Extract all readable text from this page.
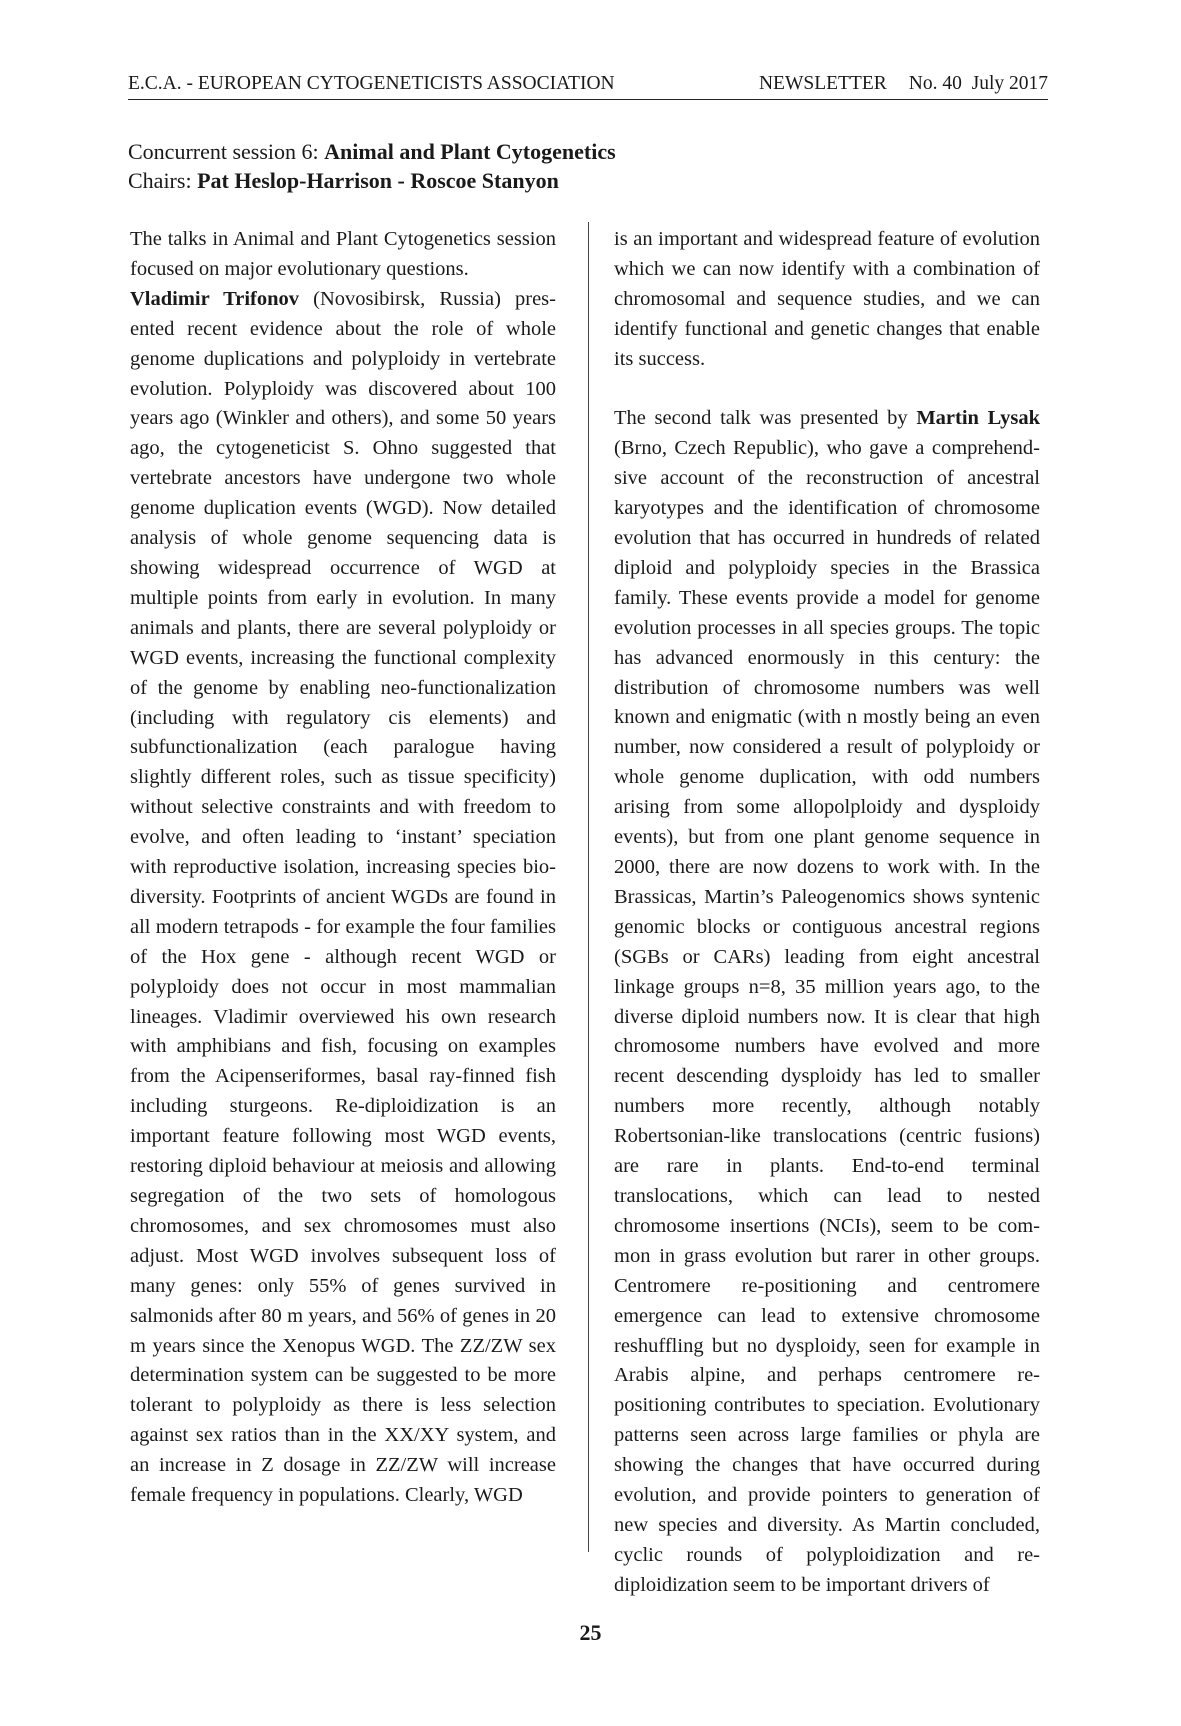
E.C.A. - EUROPEAN CYTOGENETICISTS ASSOCIATION	NEWSLETTER No. 40 July 2017
Concurrent session 6: Animal and Plant Cytogenetics
Chairs: Pat Heslop-Harrison - Roscoe Stanyon

The talks in Animal and Plant Cytogenetics session focused on major evolutionary questions.

Vladimir Trifonov (Novosibirsk, Russia) presented recent evidence about the role of whole genome duplications and polyploidy in vertebrate evolution. Polyploidy was discovered about 100 years ago (Winkler and others), and some 50 years ago, the cytogeneticist S. Ohno suggested that vertebrate ancestors have undergone two whole genome duplication events (WGD). Now detailed analysis of whole genome sequencing data is showing widespread occurrence of WGD at multiple points from early in evolution. In many animals and plants, there are several polyploidy or WGD events, increasing the functional complexity of the genome by enabling neo-functionalization (including with regulatory cis elements) and subfunctionalization (each paralogue having slightly different roles, such as tissue specificity) without selective constraints and with freedom to evolve, and often leading to ‘instant’ speciation with reproductive isolation, increasing species biodiversity. Footprints of ancient WGDs are found in all modern tetrapods - for example the four families of the Hox gene - although recent WGD or polyploidy does not occur in most mammalian lineages. Vladimir overviewed his own research with amphibians and fish, focusing on examples from the Acipenseriformes, basal ray-finned fish including sturgeons. Re-diploidization is an important feature following most WGD events, restoring diploid behaviour at meiosis and allowing segregation of the two sets of homologous chromosomes, and sex chromosomes must also adjust. Most WGD involves subsequent loss of many genes: only 55% of genes survived in salmonids after 80 m years, and 56% of genes in 20 m years since the Xenopus WGD. The ZZ/ZW sex determination system can be suggested to be more tolerant to polyploidy as there is less selection against sex ratios than in the XX/XY system, and an increase in Z dosage in ZZ/ZW will increase female frequency in populations. Clearly, WGD

is an important and widespread feature of evolution which we can now identify with a combination of chromosomal and sequence studies, and we can identify functional and genetic changes that enable its success.

The second talk was presented by Martin Lysak (Brno, Czech Republic), who gave a comprehendsive account of the reconstruction of ancestral karyotypes and the identification of chromosome evolution that has occurred in hundreds of related diploid and polyploidy species in the Brassica family. These events provide a model for genome evolution processes in all species groups. The topic has advanced enormously in this century: the distribution of chromosome numbers was well known and enigmatic (with n mostly being an even number, now considered a result of polyploidy or whole genome duplication, with odd numbers arising from some allopolploidy and dysploidy events), but from one plant genome sequence in 2000, there are now dozens to work with. In the Brassicas, Martin’s Paleogenomics shows syntenic genomic blocks or contiguous ancestral regions (SGBs or CARs) leading from eight ancestral linkage groups n=8, 35 million years ago, to the diverse diploid numbers now. It is clear that high chromosome numbers have evolved and more recent descending dysploidy has led to smaller numbers more recently, although notably Robertsonian-like translocations (centric fusions) are rare in plants. End-to-end terminal translocations, which can lead to nested chromosome insertions (NCIs), seem to be common in grass evolution but rarer in other groups. Centromere re-positioning and centromere emergence can lead to extensive chromosome reshuffling but no dysploidy, seen for example in Arabis alpine, and perhaps centromere repositioning contributes to speciation. Evolutionary patterns seen across large families or phyla are showing the changes that have occurred during evolution, and provide pointers to generation of new species and diversity. As Martin concluded, cyclic rounds of polyploidization and rediploidization seem to be important drivers of

25
